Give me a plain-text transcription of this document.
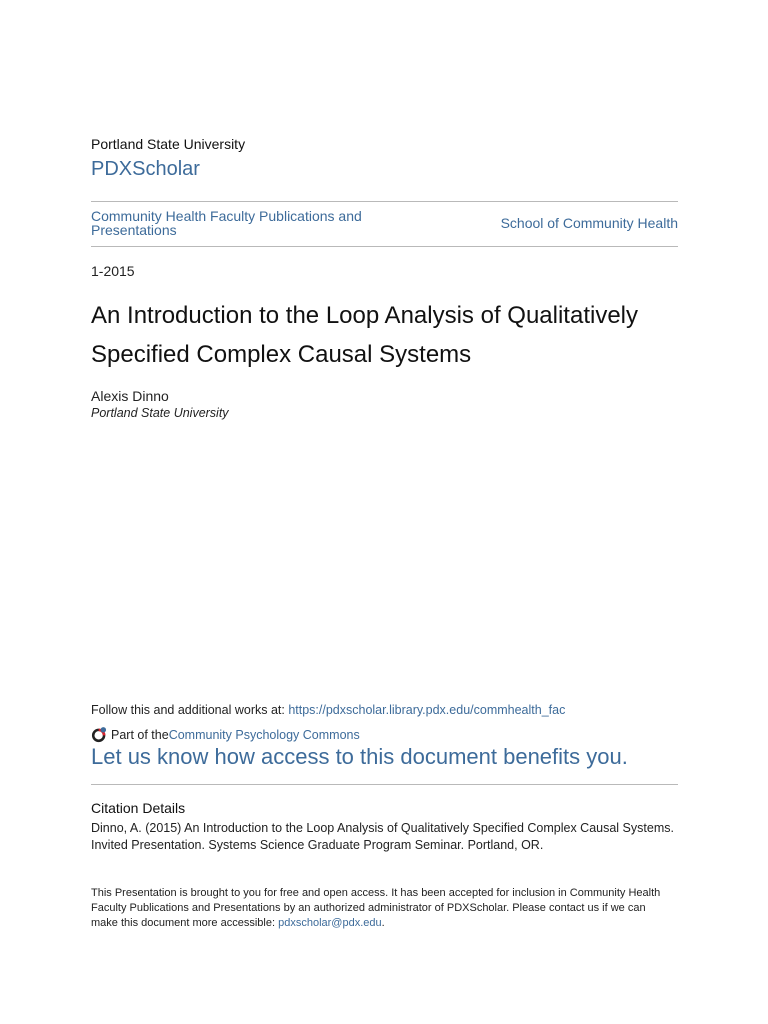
Portland State University
PDXScholar
Community Health Faculty Publications and Presentations	School of Community Health
1-2015
An Introduction to the Loop Analysis of Qualitatively Specified Complex Causal Systems
Alexis Dinno
Portland State University
Follow this and additional works at: https://pdxscholar.library.pdx.edu/commhealth_fac
Part of the Community Psychology Commons
Let us know how access to this document benefits you.
Citation Details
Dinno, A. (2015) An Introduction to the Loop Analysis of Qualitatively Specified Complex Causal Systems. Invited Presentation. Systems Science Graduate Program Seminar. Portland, OR.
This Presentation is brought to you for free and open access. It has been accepted for inclusion in Community Health Faculty Publications and Presentations by an authorized administrator of PDXScholar. Please contact us if we can make this document more accessible: pdxscholar@pdx.edu.
